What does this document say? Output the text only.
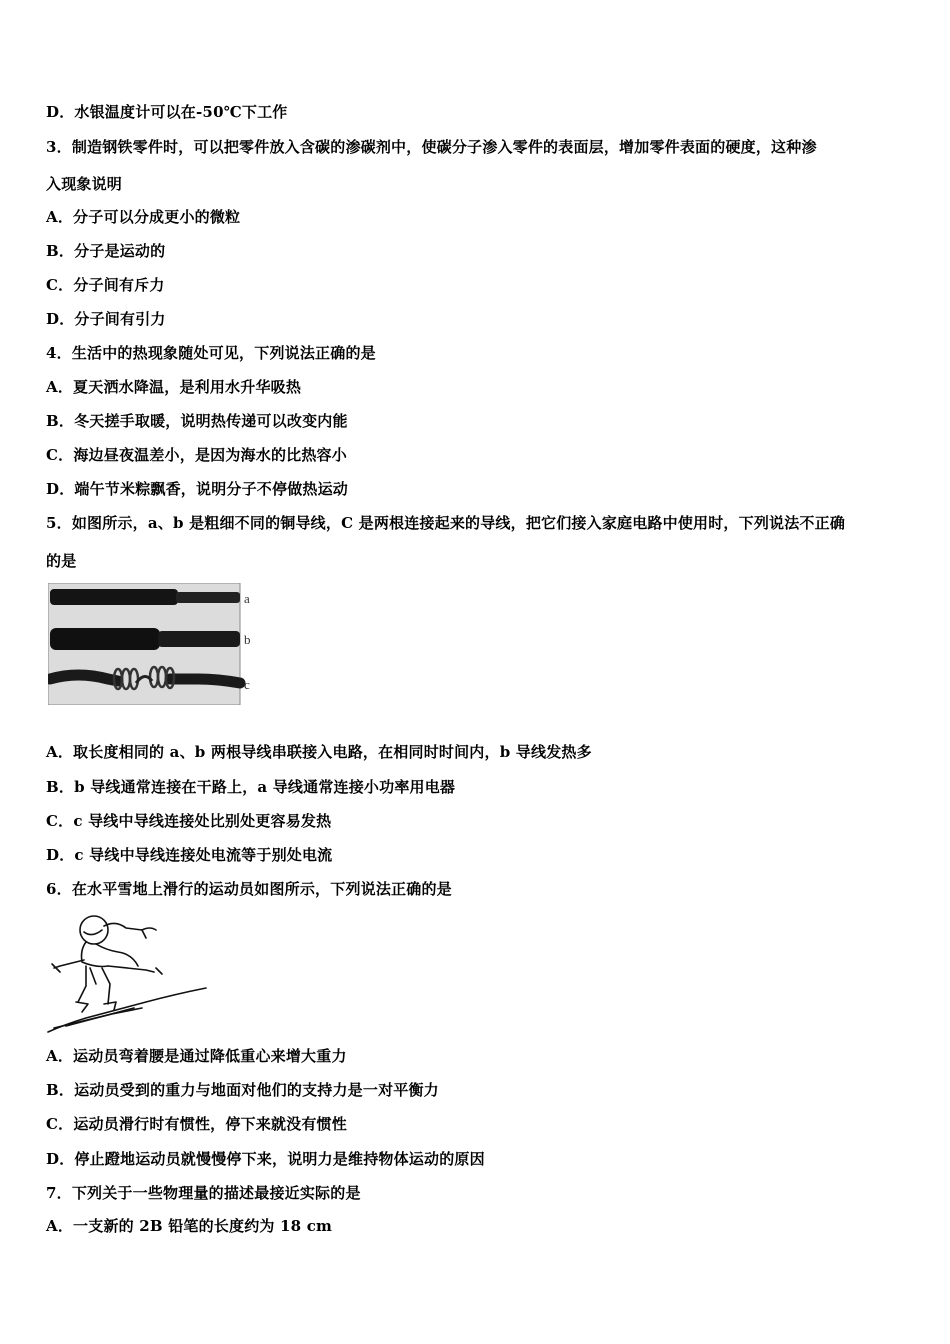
D．水银温度计可以在-50℃下工作
3．制造钢铁零件时，可以把零件放入含碳的渗碳剂中，使碳分子渗入零件的表面层，增加零件表面的硬度，这种渗
入现象说明
A．分子可以分成更小的微粒
B．分子是运动的
C．分子间有斥力
D．分子间有引力
4．生活中的热现象随处可见，下列说法正确的是
A．夏天洒水降温，是利用水升华吸热
B．冬天搓手取暖，说明热传递可以改变内能
C．海边昼夜温差小，是因为海水的比热容小
D．端午节米粽飘香，说明分子不停做热运动
5．如图所示，a、b 是粗细不同的铜导线，C 是两根连接起来的导线，把它们接入家庭电路中使用时，下列说法不正确
的是
a
b
c
A．取长度相同的 a、b 两根导线串联接入电路，在相同时时间内，b 导线发热多
B．b 导线通常连接在干路上，a 导线通常连接小功率用电器
C．c 导线中导线连接处比别处更容易发热
D．c 导线中导线连接处电流等于别处电流
6．在水平雪地上滑行的运动员如图所示，下列说法正确的是
A．运动员弯着腰是通过降低重心来增大重力
B．运动员受到的重力与地面对他们的支持力是一对平衡力
C．运动员滑行时有惯性，停下来就没有惯性
D．停止蹬地运动员就慢慢停下来，说明力是维持物体运动的原因
7．下列关于一些物理量的描述最接近实际的是
A．一支新的 2B 铅笔的长度约为 18 cm
